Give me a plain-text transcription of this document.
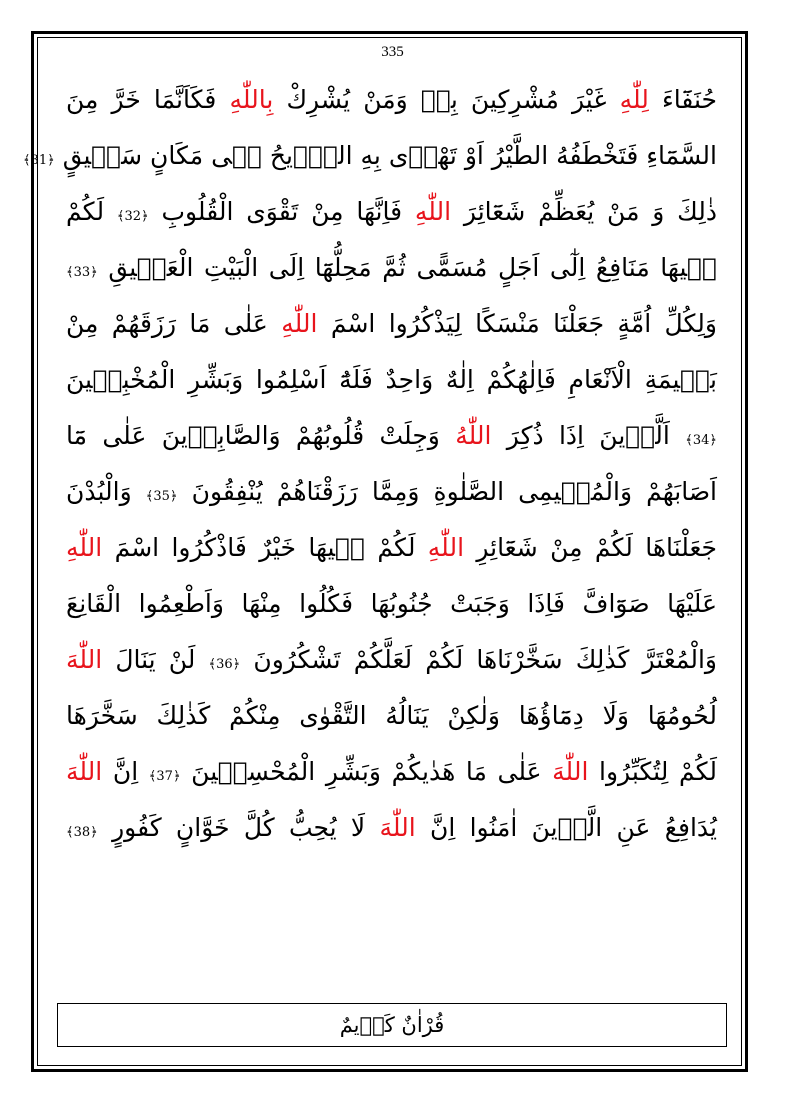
335
حُنَفَٓاءَ لِلّٰهِ غَيْرَ مُشْرِكِينَ بِهٖ وَمَنْ يُشْرِكْ بِاللّٰهِ فَكَاَنَّمَا خَرَّ مِنَ
السَّمَٓاءِ فَتَخْطَفُهُ الطَّيْرُ اَوْ تَهْوٖى بِهِ الرّٖيحُ فٖى مَكَانٍ سَحٖيقٍ ﴿31﴾
ذٰلِكَ وَ مَنْ يُعَظِّمْ شَعَٓائِرَ اللّٰهِ فَاِنَّهَا مِنْ تَقْوَى الْقُلُوبِ ﴿32﴾ لَكُمْ
فٖيهَا مَنَافِعُ اِلٰٓى اَجَلٍ مُسَمًّى ثُمَّ مَحِلُّهَٓا اِلَى الْبَيْتِ الْعَتٖيقِ ﴿33﴾
وَلِكُلِّ اُمَّةٍ جَعَلْنَا مَنْسَكًا لِيَذْكُرُوا اسْمَ اللّٰهِ عَلٰى مَا رَزَقَهُمْ مِنْ
بَهٖيمَةِ الْاَنْعَامِ فَاِلٰهُكُمْ اِلٰهٌ وَاحِدٌ فَلَهُٓ اَسْلِمُوا وَبَشِّرِ الْمُخْبِتٖينَ
﴿34﴾ اَلَّذٖينَ اِذَا ذُكِرَ اللّٰهُ وَجِلَتْ قُلُوبُهُمْ وَالصَّابِرٖينَ عَلٰى مَٓا
اَصَابَهُمْ وَالْمُقٖيمِى الصَّلٰوةِ وَمِمَّا رَزَقْنَاهُمْ يُنْفِقُونَ ﴿35﴾ وَالْبُدْنَ
جَعَلْنَاهَا لَكُمْ مِنْ شَعَٓائِرِ اللّٰهِ لَكُمْ فٖيهَا خَيْرٌ فَاذْكُرُوا اسْمَ اللّٰهِ
عَلَيْهَا صَوَٓافَّ فَاِذَا وَجَبَتْ جُنُوبُهَا فَكُلُوا مِنْهَا وَاَطْعِمُوا الْقَانِعَ
وَالْمُعْتَرَّ كَذٰلِكَ سَخَّرْنَاهَا لَكُمْ لَعَلَّكُمْ تَشْكُرُونَ ﴿36﴾ لَنْ يَنَالَ اللّٰهَ
لُحُومُهَا وَلَا دِمَٓاؤُهَا وَلٰكِنْ يَنَالُهُ التَّقْوٰى مِنْكُمْ كَذٰلِكَ سَخَّرَهَا
لَكُمْ لِتُكَبِّرُوا اللّٰهَ عَلٰى مَا هَدٰيكُمْ وَبَشِّرِ الْمُحْسِنٖينَ ﴿37﴾ اِنَّ اللّٰهَ
يُدَافِعُ عَنِ الَّذٖينَ اٰمَنُوا اِنَّ اللّٰهَ لَا يُحِبُّ كُلَّ خَوَّانٍ كَفُورٍ ﴿38﴾
قُرْاٰنٌ كَرٖيمٌ
